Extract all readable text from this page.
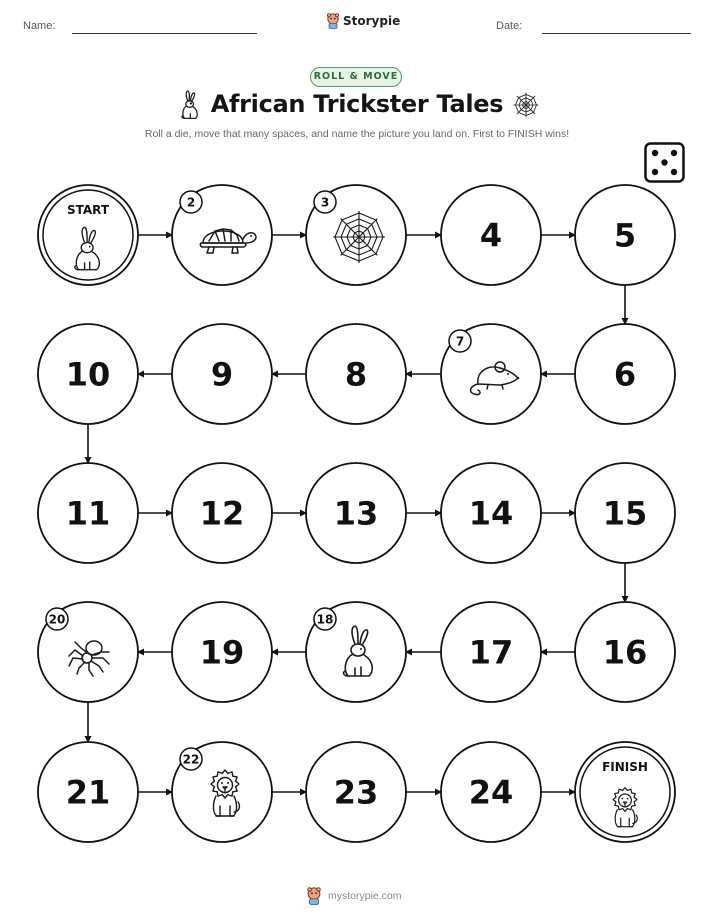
Name:	Storypie	Date:
ROLL & MOVE
African Trickster Tales
Roll a die, move that many spaces, and name the picture you land on. First to FINISH wins!
START
2	3
4	5
6
7
8
9
10
11	12	13	14	15
16
17
18
19
20
21
22
23	24
FINISH
mystorypie.com
